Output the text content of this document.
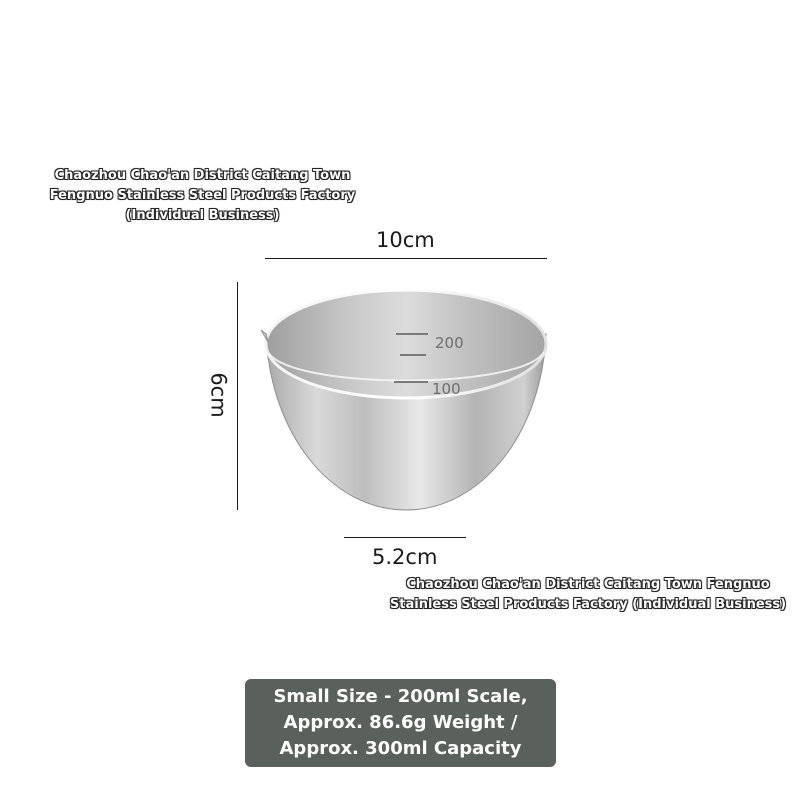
Chaozhou Chao'an District Caitang Town
Fengnuo Stainless Steel Products Factory
(Individual Business)
10cm
6cm
200
100
5.2cm
Chaozhou Chao'an District Caitang Town Fengnuo
Stainless Steel Products Factory (Individual Business)
Small Size - 200ml Scale,
Approx. 86.6g Weight /
Approx. 300ml Capacity
